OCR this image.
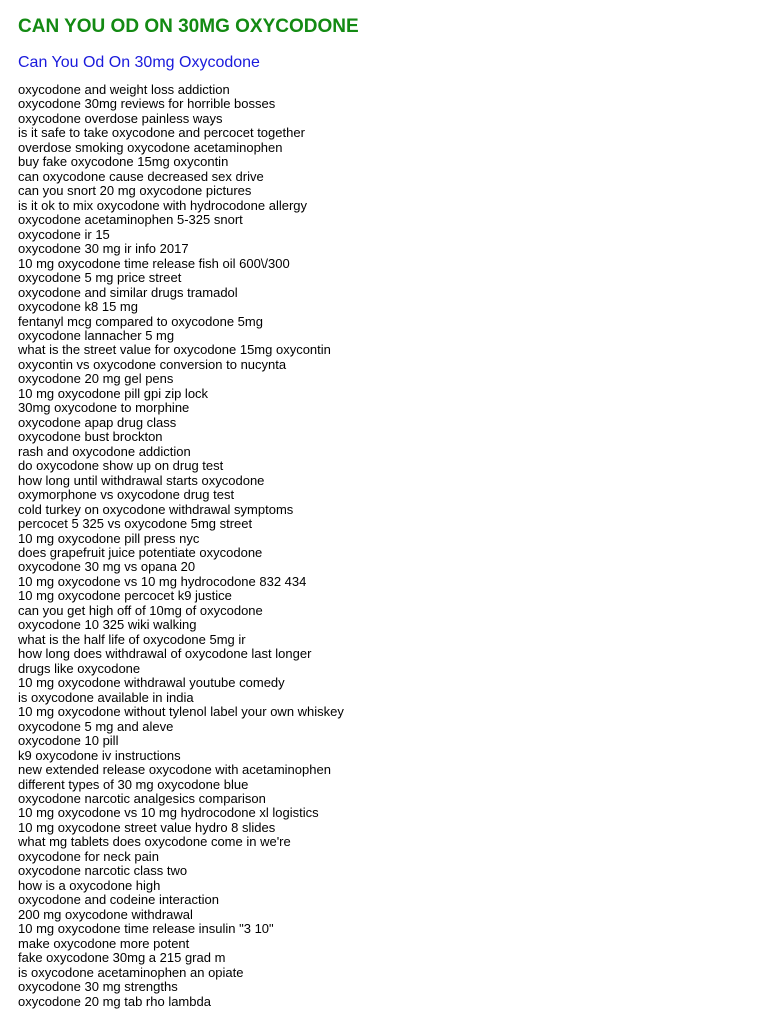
CAN YOU OD ON 30MG OXYCODONE
Can You Od On 30mg Oxycodone
oxycodone and weight loss addiction
oxycodone 30mg reviews for horrible bosses
oxycodone overdose painless ways
is it safe to take oxycodone and percocet together
overdose smoking oxycodone acetaminophen
buy fake oxycodone 15mg oxycontin
can oxycodone cause decreased sex drive
can you snort 20 mg oxycodone pictures
is it ok to mix oxycodone with hydrocodone allergy
oxycodone acetaminophen 5-325 snort
oxycodone ir 15
oxycodone 30 mg ir info 2017
10 mg oxycodone time release fish oil 600\/300
oxycodone 5 mg price street
oxycodone and similar drugs tramadol
oxycodone k8 15 mg
fentanyl mcg compared to oxycodone 5mg
oxycodone lannacher 5 mg
what is the street value for oxycodone 15mg oxycontin
oxycontin vs oxycodone conversion to nucynta
oxycodone 20 mg gel pens
10 mg oxycodone pill gpi zip lock
30mg oxycodone to morphine
oxycodone apap drug class
oxycodone bust brockton
rash and oxycodone addiction
do oxycodone show up on drug test
how long until withdrawal starts oxycodone
oxymorphone vs oxycodone drug test
cold turkey on oxycodone withdrawal symptoms
percocet 5 325 vs oxycodone 5mg street
10 mg oxycodone pill press nyc
does grapefruit juice potentiate oxycodone
oxycodone 30 mg vs opana 20
10 mg oxycodone vs 10 mg hydrocodone 832 434
10 mg oxycodone percocet k9 justice
can you get high off of 10mg of oxycodone
oxycodone 10 325 wiki walking
what is the half life of oxycodone 5mg ir
how long does withdrawal of oxycodone last longer
drugs like oxycodone
10 mg oxycodone withdrawal youtube comedy
is oxycodone available in india
10 mg oxycodone without tylenol label your own whiskey
oxycodone 5 mg and aleve
oxycodone 10 pill
k9 oxycodone iv instructions
new extended release oxycodone with acetaminophen
different types of 30 mg oxycodone blue
oxycodone narcotic analgesics comparison
10 mg oxycodone vs 10 mg hydrocodone xl logistics
10 mg oxycodone street value hydro 8 slides
what mg tablets does oxycodone come in we're
oxycodone for neck pain
oxycodone narcotic class two
how is a oxycodone high
oxycodone and codeine interaction
200 mg oxycodone withdrawal
10 mg oxycodone time release insulin "3 10"
make oxycodone more potent
fake oxycodone 30mg a 215 grad m
is oxycodone acetaminophen an opiate
oxycodone 30 mg strengths
oxycodone 20 mg tab rho lambda
